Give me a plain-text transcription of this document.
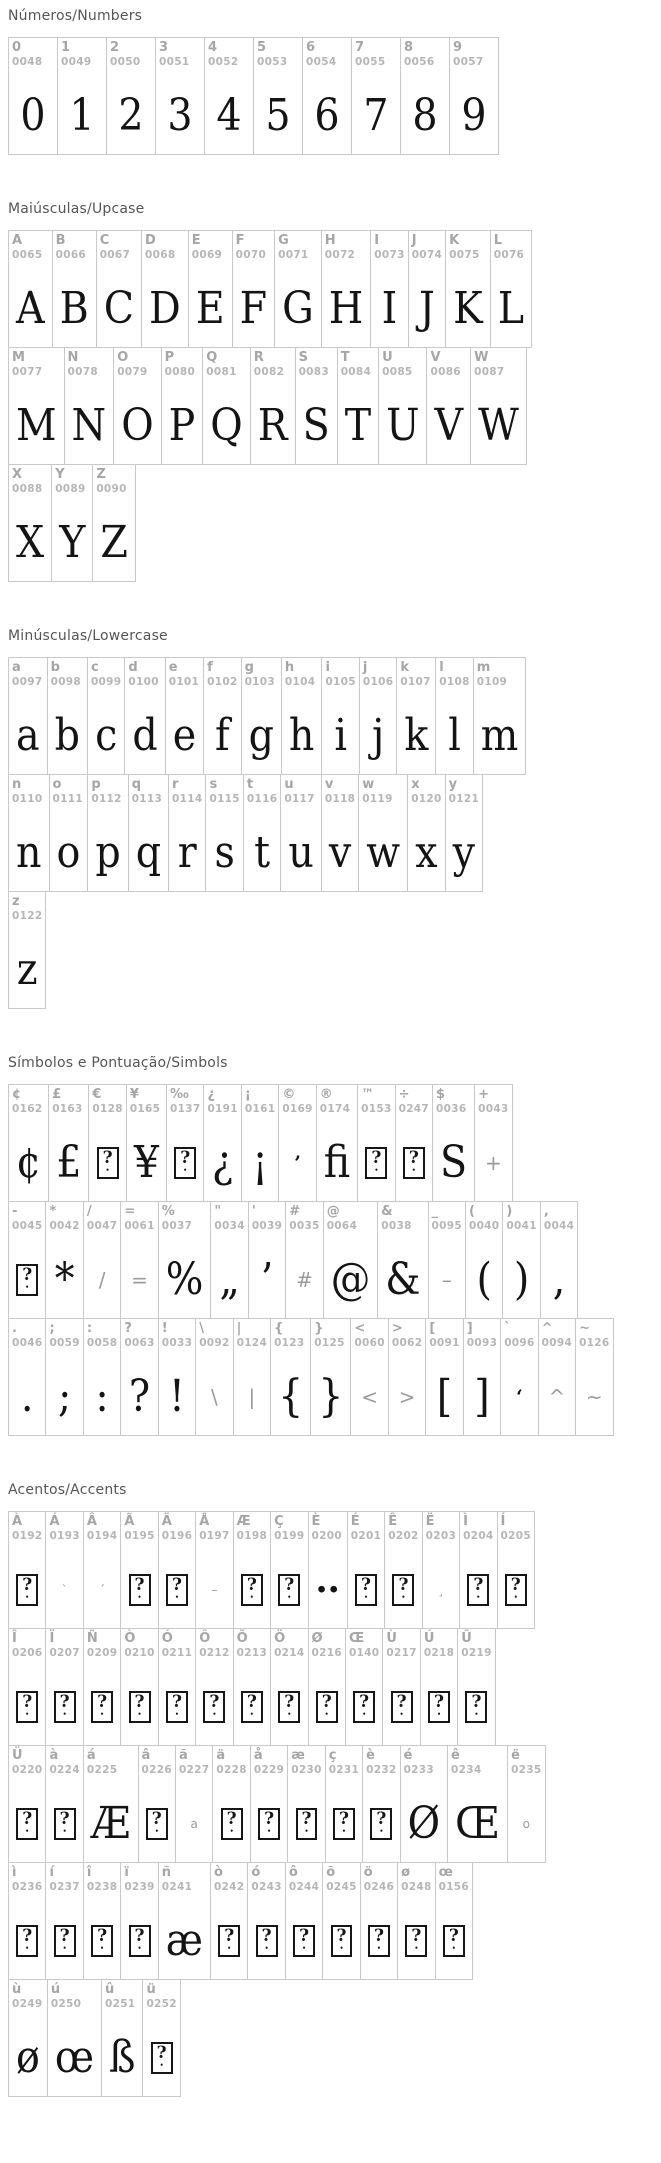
Números/Numbers
0
0048
0
1
0049
1
2
0050
2
3
0051
3
4
0052
4
5
0053
5
6
0054
6
7
0055
7
8
0056
8
9
0057
9
Maiúsculas/Upcase
A
0065
A
B
0066
B
C
0067
C
D
0068
D
E
0069
E
F
0070
F
G
0071
G
H
0072
H
I
0073
I
J
0074
J
K
0075
K
L
0076
L
M
0077
M
N
0078
N
O
0079
O
P
0080
P
Q
0081
Q
R
0082
R
S
0083
S
T
0084
T
U
0085
U
V
0086
V
W
0087
W
X
0088
X
Y
0089
Y
Z
0090
Z
Minúsculas/Lowercase
a
0097
a
b
0098
b
c
0099
c
d
0100
d
e
0101
e
f
0102
f
g
0103
g
h
0104
h
i
0105
i
j
0106
j
k
0107
k
l
0108
l
m
0109
m
n
0110
n
o
0111
o
p
0112
p
q
0113
q
r
0114
r
s
0115
s
t
0116
t
u
0117
u
v
0118
v
w
0119
w
x
0120
x
y
0121
y
z
0122
z
Símbolos e Pontuação/Simbols
¢
0162
¢
£
0163
£
€
0128
? •
¥
0165
¥
‰
0137
? •
¿
0191
¿
¡
0161
¡
©
0169
’
®
0174
fi
™
0153
? •
÷
0247
? •
$
0036
S
+
0043
+
-
0045
? •
*
0042
*
/
0047
/
=
0061
=
%
0037
%
"
0034
„
'
0039
’
#
0035
#
@
0064
@
&
0038
&
_
0095
–
(
0040
(
)
0041
)
,
0044
,
.
0046
.
;
0059
;
:
0058
:
?
0063
?
!
0033
!
\
0092
\
|
0124
|
{
0123
{
}
0125
}
<
0060
<
>
0062
>
[
0091
[
]
0093
]
`
0096
‘
^
0094
^
~
0126
~
Acentos/Accents
À
0192
? •
Á
0193
`
Â
0194
´
Ã
0195
? •
Ä
0196
? •
Å
0197
–
Æ
0198
? •
Ç
0199
? •
È
0200
••
É
0201
? •
Ê
0202
? •
Ë
0203
¸
Ì
0204
? •
Í
0205
? •
Î
0206
? •
Ï
0207
? •
Ñ
0209
? •
Ò
0210
? •
Ó
0211
? •
Ô
0212
? •
Õ
0213
? •
Ö
0214
? •
Ø
0216
? •
Œ
0140
? •
Ù
0217
? •
Ú
0218
? •
Û
0219
? •
Ü
0220
? •
à
0224
? •
á
0225
Æ
â
0226
? •
ã
0227
a
ä
0228
? •
å
0229
? •
æ
0230
? •
ç
0231
? •
è
0232
? •
é
0233
Ø
ê
0234
Œ
ë
0235
o
ì
0236
? •
í
0237
? •
î
0238
? •
ï
0239
? •
ñ
0241
æ
ò
0242
? •
ó
0243
? •
ô
0244
? •
õ
0245
? •
ö
0246
? •
ø
0248
? •
œ
0156
? •
ù
0249
ø
ú
0250
œ
û
0251
ß
ü
0252
? •
